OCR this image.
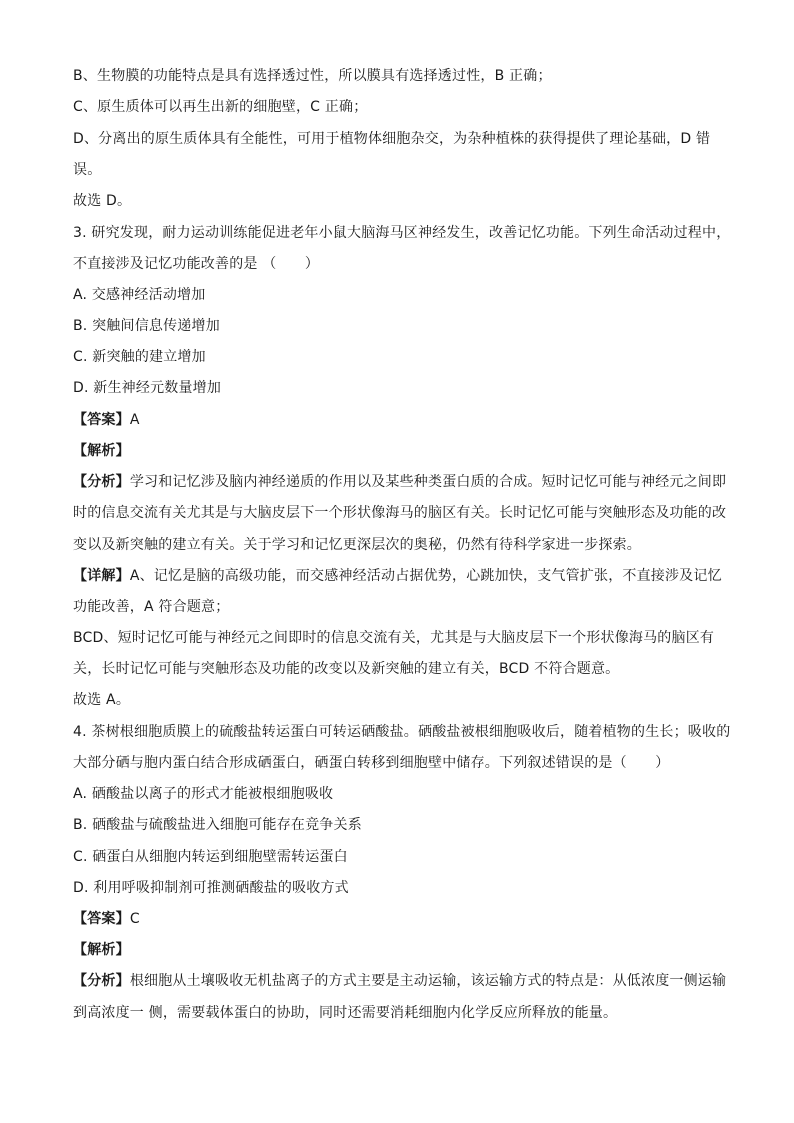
B、生物膜的功能特点是具有选择透过性，所以膜具有选择透过性，B 正确；
C、原生质体可以再生出新的细胞壁，C 正确；
D、分离出的原生质体具有全能性，可用于植物体细胞杂交，为杂种植株的获得提供了理论基础，D 错
误。
故选 D。
3. 研究发现，耐力运动训练能促进老年小鼠大脑海马区神经发生，改善记忆功能。下列生命活动过程中，
不直接涉及记忆功能改善的是 （　　）
A. 交感神经活动增加
B. 突触间信息传递增加
C. 新突触的建立增加
D. 新生神经元数量增加
【答案】A
【解析】
【分析】学习和记忆涉及脑内神经递质的作用以及某些种类蛋白质的合成。短时记忆可能与神经元之间即
时的信息交流有关尤其是与大脑皮层下一个形状像海马的脑区有关。长时记忆可能与突触形态及功能的改
变以及新突触的建立有关。关于学习和记忆更深层次的奥秘，仍然有待科学家进一步探索。
【详解】A、记忆是脑的高级功能，而交感神经活动占据优势，心跳加快，支气管扩张，不直接涉及记忆
功能改善，A 符合题意；
BCD、短时记忆可能与神经元之间即时的信息交流有关，尤其是与大脑皮层下一个形状像海马的脑区有
关，长时记忆可能与突触形态及功能的改变以及新突触的建立有关，BCD 不符合题意。
故选 A。
4. 茶树根细胞质膜上的硫酸盐转运蛋白可转运硒酸盐。硒酸盐被根细胞吸收后，随着植物的生长；吸收的
大部分硒与胞内蛋白结合形成硒蛋白，硒蛋白转移到细胞壁中储存。下列叙述错误的是（　　）
A. 硒酸盐以离子的形式才能被根细胞吸收
B. 硒酸盐与硫酸盐进入细胞可能存在竞争关系
C. 硒蛋白从细胞内转运到细胞壁需转运蛋白
D. 利用呼吸抑制剂可推测硒酸盐的吸收方式
【答案】C
【解析】
【分析】根细胞从土壤吸收无机盐离子的方式主要是主动运输，该运输方式的特点是：从低浓度一侧运输
到高浓度一 侧，需要载体蛋白的协助，同时还需要消耗细胞内化学反应所释放的能量。
